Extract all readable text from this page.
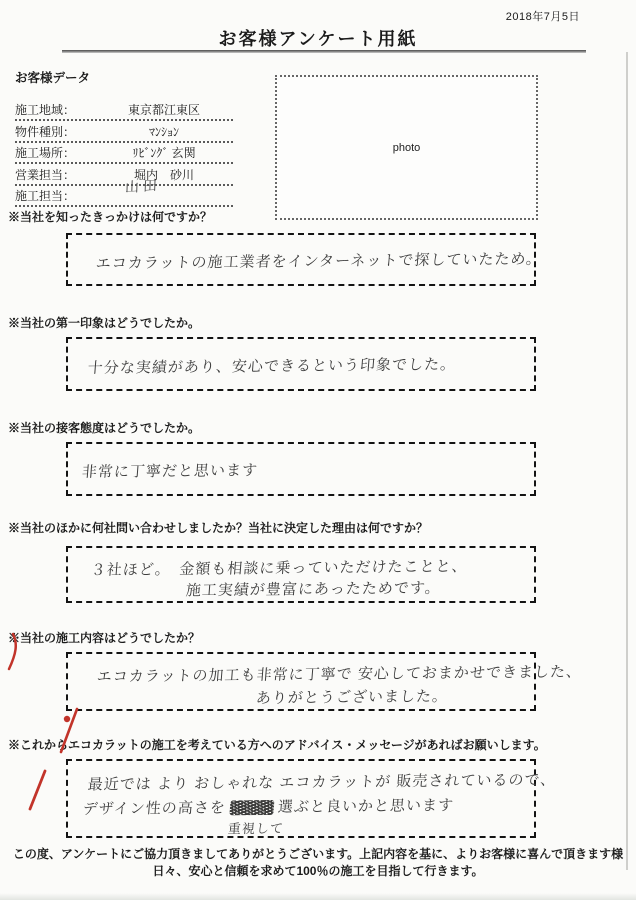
2018年7月5日
お客様アンケート用紙
お客様データ
施工地域：	東京都江東区
物件種別：	ﾏﾝｼｮﾝ
施工場所：	ﾘﾋﾞﾝｸﾞ 玄関
営業担当：	堀内　砂川
施工担当：
山田
photo
※当社を知ったきっかけは何ですか？
エコカラットの施工業者をインターネットで探していたため。
※当社の第一印象はどうでしたか。
十分な実績があり、安心できるという印象でした。
※当社の接客態度はどうでしたか。
非常に丁寧だと思います
※当社のほかに何社問い合わせしましたか？当社に決定した理由は何ですか？
３社ほど。　金額も相談に乗っていただけたことと、
施工実績が豊富にあったためです。
※当社の施工内容はどうでしたか？
エコカラットの加工も非常に丁寧で 安心しておまかせできました、
ありがとうございました。
※これからエコカラットの施工を考えている方へのアドバイス・メッセージがあればお願いします。
最近では より おしゃれな エコカラットが 販売されているので、
デザイン性の高さを	選ぶと良いかと思います
重視して
この度、アンケートにご協力頂きましてありがとうございます。上記内容を基に、よりお客様に喜んで頂きます様
日々、安心と信頼を求めて100％の施工を目指して行きます。
